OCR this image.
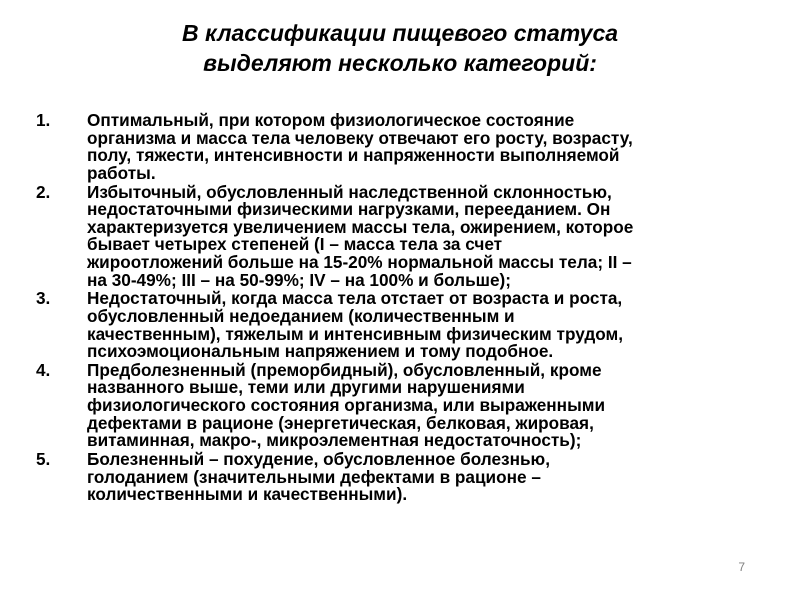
В классификации пищевого статуса
выделяют несколько категорий:
1. Оптимальный, при котором физиологическое состояние
организма и масса тела человеку отвечают его росту, возрасту,
полу, тяжести, интенсивности и напряженности выполняемой
работы.
2. Избыточный, обусловленный наследственной склонностью,
недостаточными физическими нагрузками, перееданием. Он
характеризуется увеличением массы тела, ожирением, которое
бывает четырех степеней (I – масса тела за счет
жироотложений больше на 15-20% нормальной массы тела; II –
на 30-49%; III – на 50-99%; IV – на 100% и больше);
3. Недостаточный, когда масса тела отстает от возраста и роста,
обусловленный недоеданием (количественным и
качественным), тяжелым и интенсивным физическим трудом,
психоэмоциональным напряжением и тому подобное.
4. Предболезненный (преморбидный), обусловленный, кроме
названного выше, теми или другими нарушениями
физиологического состояния организма, или выраженными
дефектами в рационе (энергетическая, белковая, жировая,
витаминная, макро-, микроэлементная недостаточность);
5. Болезненный – похудение, обусловленное болезнью,
голоданием (значительными дефектами в рационе –
количественными и качественными).
7
